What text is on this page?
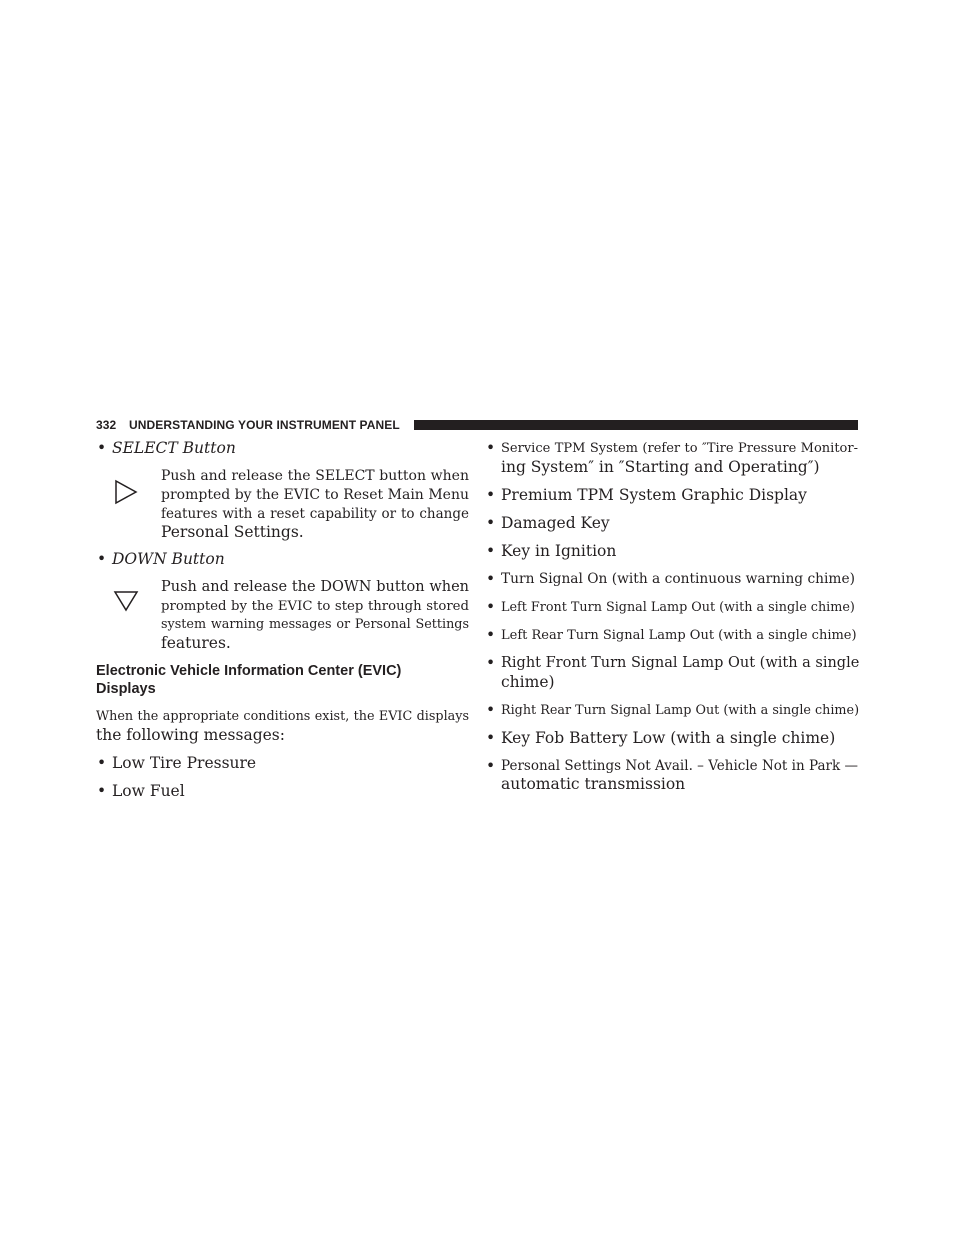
332 UNDERSTANDING YOUR INSTRUMENT PANEL
• SELECT Button
Push and release the SELECT button when
prompted by the EVIC to Reset Main Menu
features with a reset capability or to change
Personal Settings.
• DOWN Button
Push and release the DOWN button when
prompted by the EVIC to step through stored
system warning messages or Personal Settings
features.
Electronic Vehicle Information Center (EVIC)
Displays
When the appropriate conditions exist, the EVIC displays
the following messages:
• Low Tire Pressure
• Low Fuel
• Service TPM System (refer to ″Tire Pressure Monitor-
ing System″ in ″Starting and Operating″)
• Premium TPM System Graphic Display
• Damaged Key
• Key in Ignition
• Turn Signal On (with a continuous warning chime)
• Left Front Turn Signal Lamp Out (with a single chime)
• Left Rear Turn Signal Lamp Out (with a single chime)
• Right Front Turn Signal Lamp Out (with a single
chime)
• Right Rear Turn Signal Lamp Out (with a single chime)
• Key Fob Battery Low (with a single chime)
• Personal Settings Not Avail. – Vehicle Not in Park —
automatic transmission
